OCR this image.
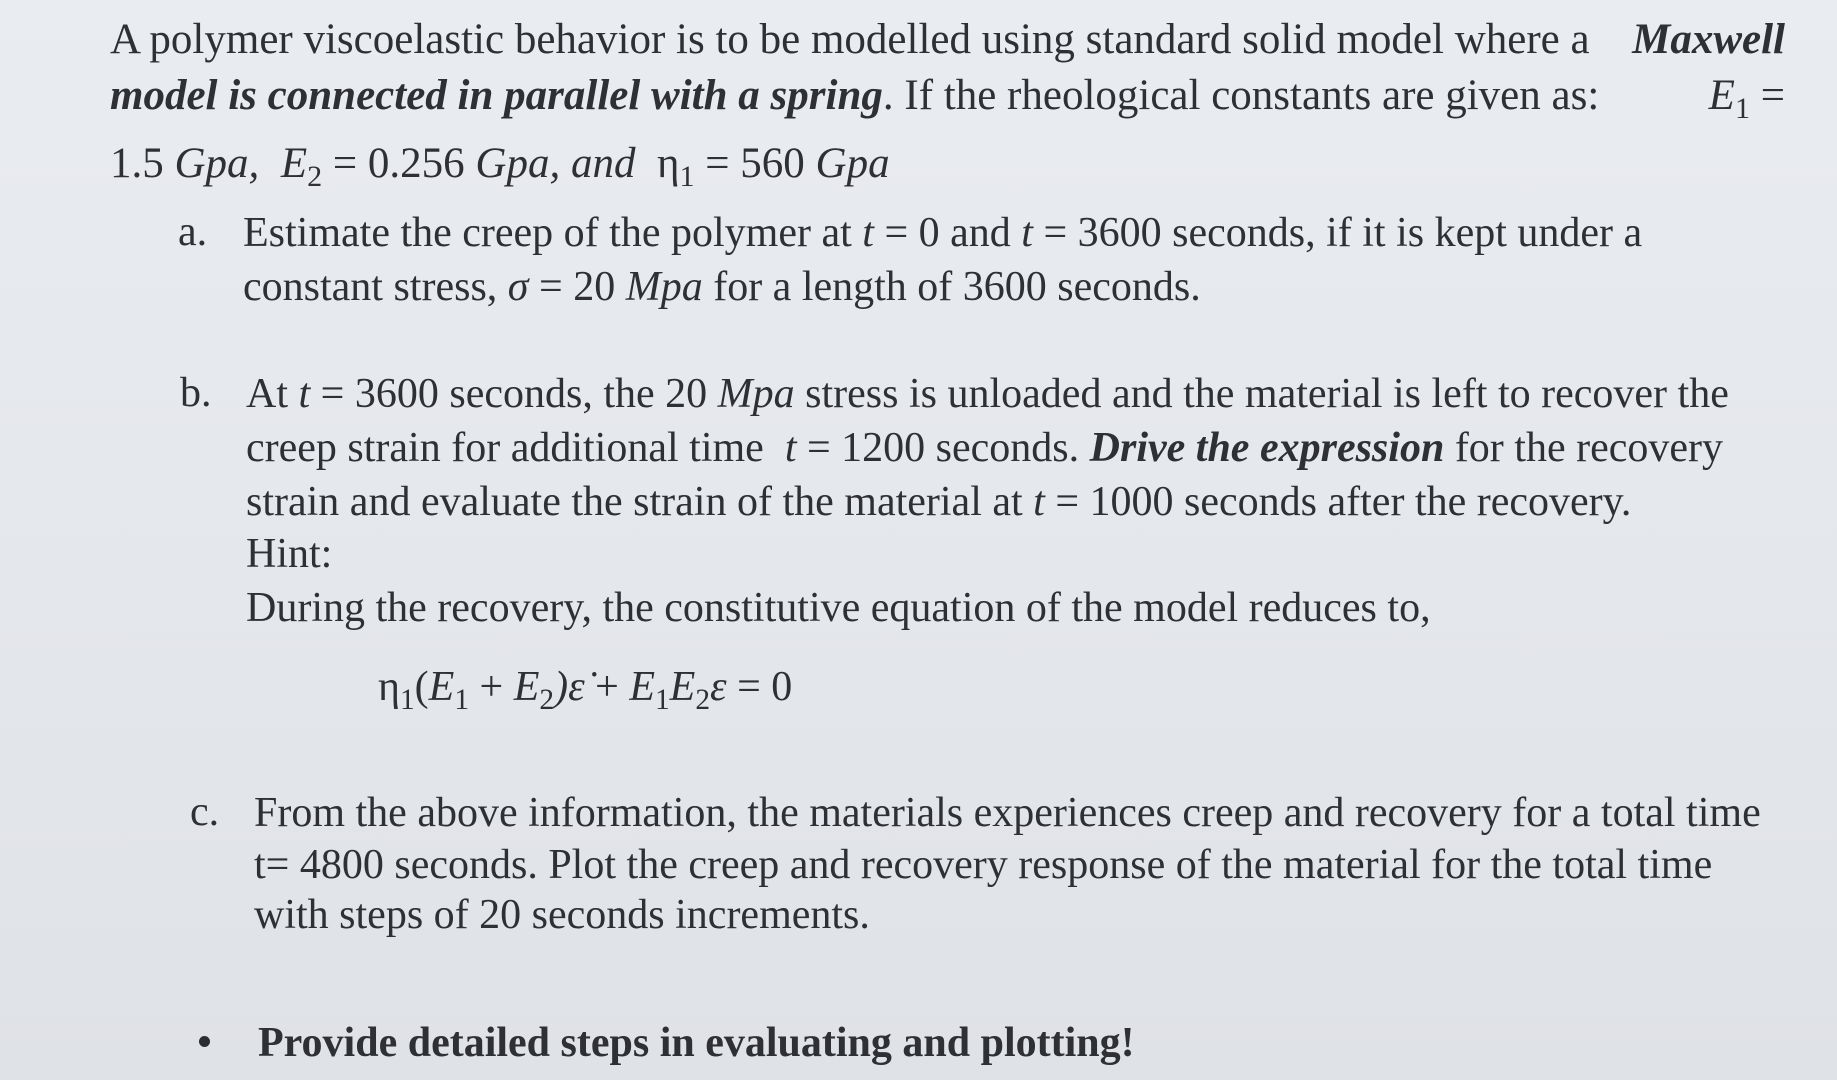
A polymer viscoelastic behavior is to be modelled using standard solid model where a Maxwell
model is connected in parallel with a spring. If the rheological constants are given as:	$E_1$ =
1.5 Gpa, $E_2 = 0.256$ Gpa, and $\eta_1 = 560$ Gpa
a. Estimate the creep of the polymer at t = 0 and t = 3600 seconds, if it is kept under a
constant stress, σ = 20 Mpa for a length of 3600 seconds.
b. At t = 3600 seconds, the 20 Mpa stress is unloaded and the material is left to recover the
creep strain for additional time t = 1200 seconds. Drive the expression for the recovery
strain and evaluate the strain of the material at t = 1000 seconds after the recovery.
Hint:
During the recovery, the constitutive equation of the model reduces to,
$\eta_1(E_1$ + $E_2)\varepsiloṅ + E_1E_2\varepsilon = 0$
c. From the above information, the materials experiences creep and recovery for a total time
t= 4800 seconds. Plot the creep and recovery response of the material for the total time
with steps of 20 seconds increments.
Provide detailed steps in evaluating and plotting!
